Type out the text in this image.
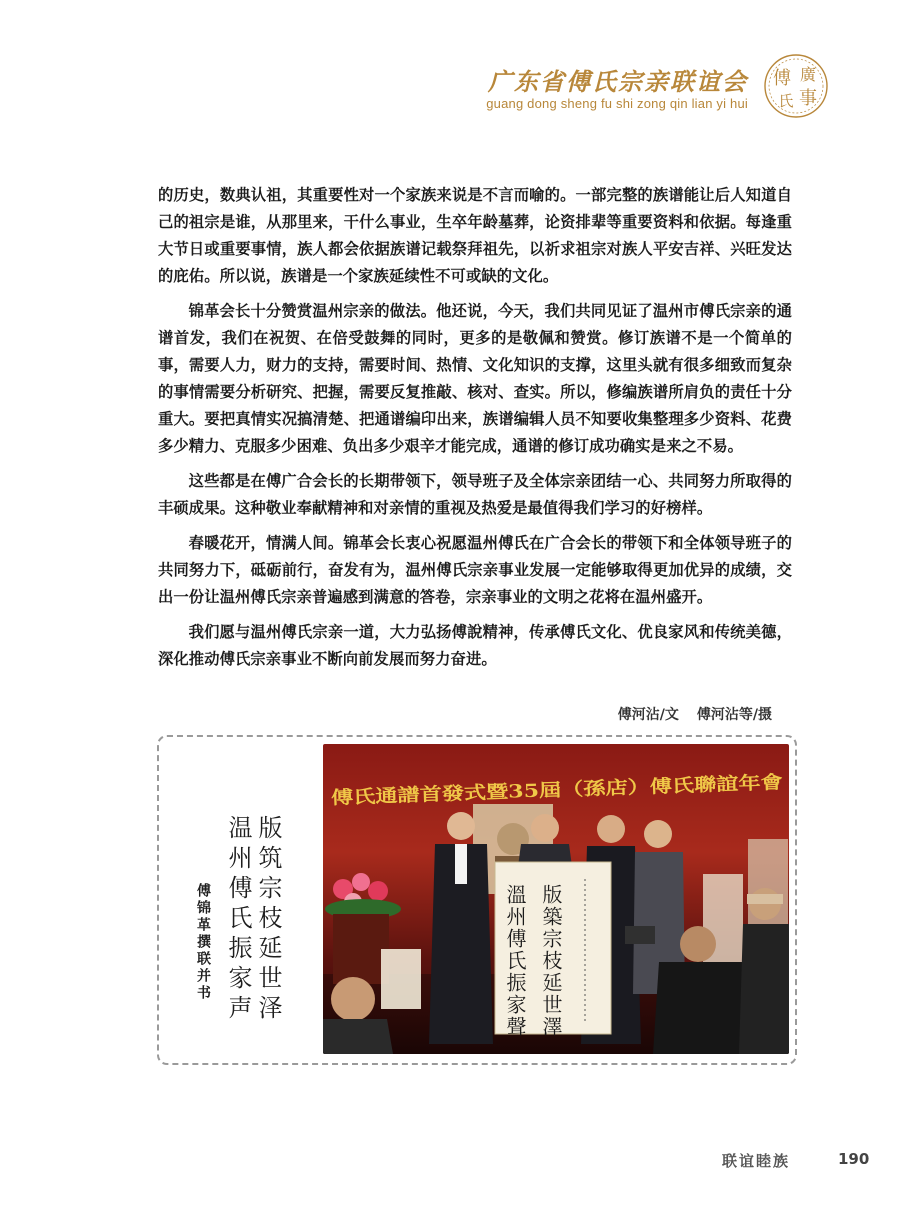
广东省傅氏宗亲联谊会
guang dong sheng fu shi zong qin lian yi hui
傅 廣
氏 事

的历史，数典认祖，其重要性对一个家族来说是不言而喻的。一部完整的族谱能让后人知道自己的祖宗是谁，从那里来，干什么事业，生卒年龄墓葬，论资排辈等重要资料和依据。每逢重大节日或重要事情，族人都会依据族谱记载祭拜祖先，以祈求祖宗对族人平安吉祥、兴旺发达的庇佑。所以说，族谱是一个家族延续性不可或缺的文化。

锦革会长十分赞赏温州宗亲的做法。他还说，今天，我们共同见证了温州市傅氏宗亲的通谱首发，我们在祝贺、在倍受鼓舞的同时，更多的是敬佩和赞赏。修订族谱不是一个简单的事，需要人力，财力的支持，需要时间、热情、文化知识的支撑，这里头就有很多细致而复杂的事情需要分析研究、把握，需要反复推敲、核对、查实。所以，修编族谱所肩负的责任十分重大。要把真情实况搞清楚、把通谱编印出来，族谱编辑人员不知要收集整理多少资料、花费多少精力、克服多少困难、负出多少艰辛才能完成，通谱的修订成功确实是来之不易。

这些都是在傅广合会长的长期带领下，领导班子及全体宗亲团结一心、共同努力所取得的丰硕成果。这种敬业奉献精神和对亲情的重视及热爱是最值得我们学习的好榜样。

春暖花开，情满人间。锦革会长衷心祝愿温州傅氏在广合会长的带领下和全体领导班子的共同努力下，砥砺前行，奋发有为，温州傅氏宗亲事业发展一定能够取得更加优异的成绩，交出一份让温州傅氏宗亲普遍感到满意的答卷，宗亲事业的文明之花将在温州盛开。

我们愿与温州傅氏宗亲一道，大力弘扬傅說精神，传承傅氏文化、优良家风和传统美德，深化推动傅氏宗亲事业不断向前发展而努力奋进。

傅河沾/文 傅河沾等/摄
版筑宗枝延世泽
温州傅氏振家声
傅锦革撰联并书
傅氏通譜首發式暨35屆（孫店）傅氏聯誼年會
溫州傅氏振家聲 版築宗枝延世澤
联谊睦族	190
